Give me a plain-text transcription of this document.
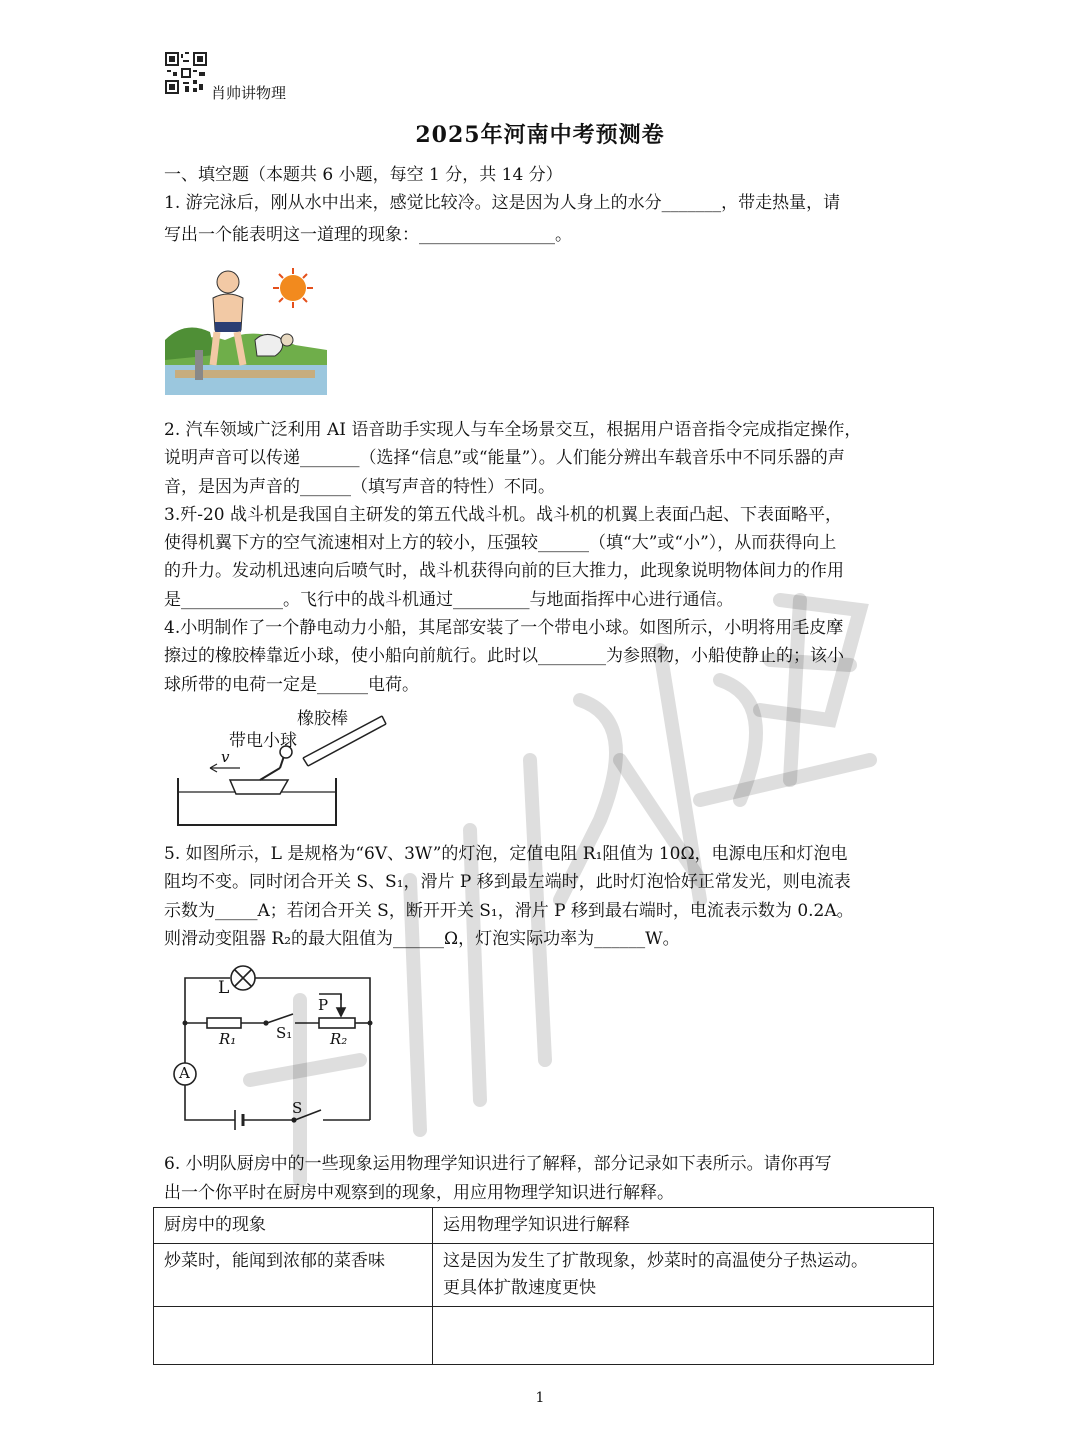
肖帅讲物理
2025年河南中考预测卷
一、填空题（本题共 6 小题，每空 1 分，共 14 分）
1. 游完泳后，刚从水中出来，感觉比较冷。这是因为人身上的水分_______，带走热量，请
写出一个能表明这一道理的现象：________________。
2. 汽车领域广泛利用 AI 语音助手实现人与车全场景交互，根据用户语音指令完成指定操作，
说明声音可以传递_______（选择“信息”或“能量”）。人们能分辨出车载音乐中不同乐器的声
音，是因为声音的______（填写声音的特性）不同。
3.歼-20 战斗机是我国自主研发的第五代战斗机。战斗机的机翼上表面凸起、下表面略平，
使得机翼下方的空气流速相对上方的较小，压强较______（填“大”或“小”），从而获得向上
的升力。发动机迅速向后喷气时，战斗机获得向前的巨大推力，此现象说明物体间力的作用
是____________。飞行中的战斗机通过_________与地面指挥中心进行通信。
4.小明制作了一个静电动力小船，其尾部安装了一个带电小球。如图所示，小明将用毛皮摩
擦过的橡胶棒靠近小球，使小船向前航行。此时以________为参照物，小船使静止的；该小
球所带的电荷一定是______电荷。
橡胶棒
带电小球
v
5. 如图所示，L 是规格为“6V、3W”的灯泡，定值电阻 R₁阻值为 10Ω，电源电压和灯泡电
阻均不变。同时闭合开关 S、S₁，滑片 P 移到最左端时，此时灯泡恰好正常发光，则电流表
示数为_____A；若闭合开关 S，断开开关 S₁，滑片 P 移到最右端时，电流表示数为 0.2A。
则滑动变阻器 R₂的最大阻值为______Ω，灯泡实际功率为______W。
L
P
R₁	S₁	R₂
A
S
6. 小明队厨房中的一些现象运用物理学知识进行了解释，部分记录如下表所示。请你再写
出一个你平时在厨房中观察到的现象，用应用物理学知识进行解释。
厨房中的现象	运用物理学知识进行解释
炒菜时，能闻到浓郁的菜香味	这是因为发生了扩散现象，炒菜时的高温使分子热运动。
更具体扩散速度更快

1
